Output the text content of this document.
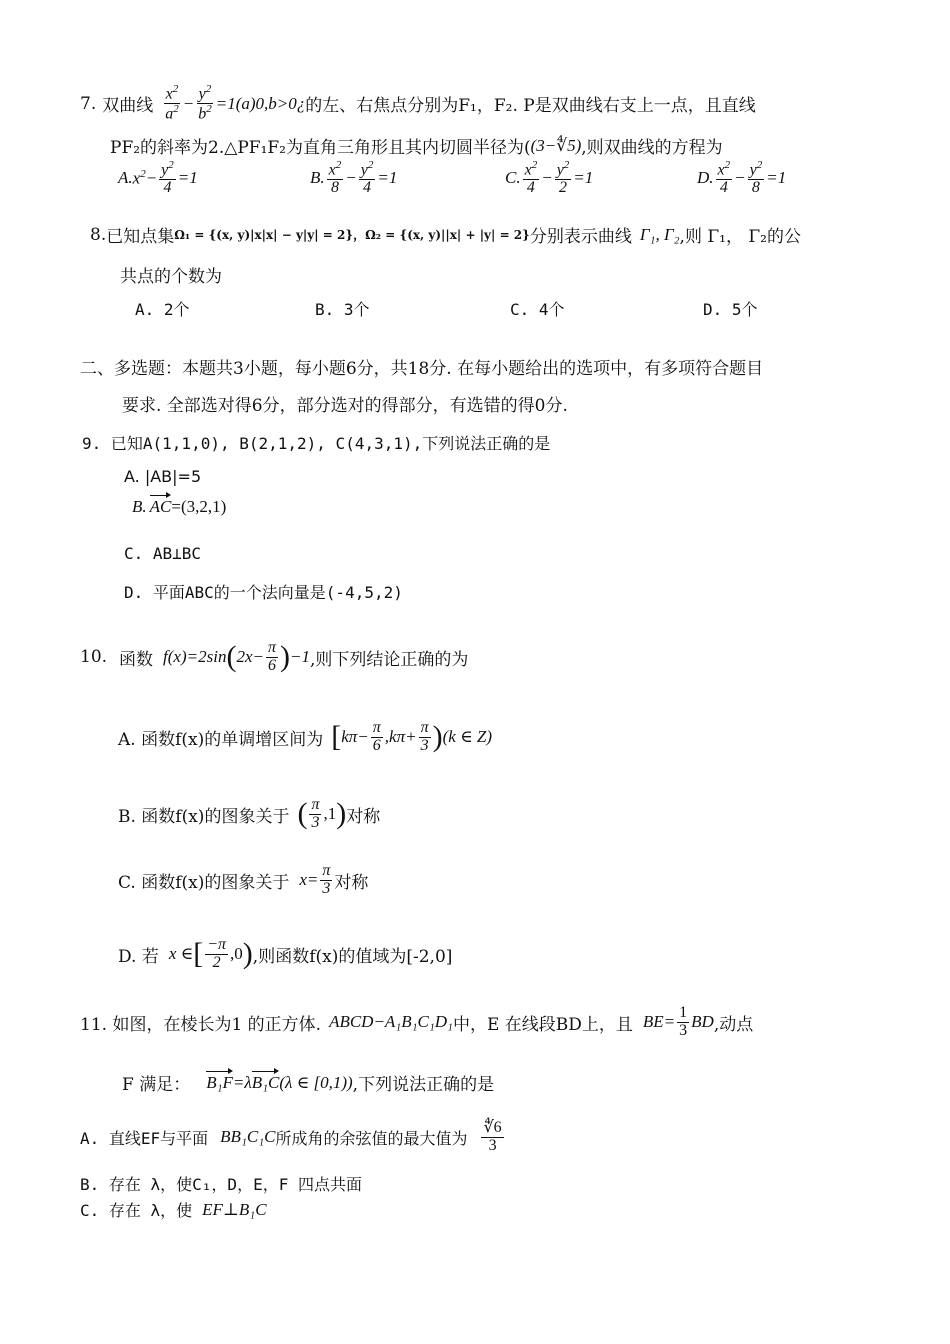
7. 双曲线 $\frac{x^2}{a^2} - \frac{y^2}{b^2}$ =1(a)0,b>0¿ 的左、右焦点分别为F₁，F₂. P是双曲线右支上一点，且直线
PF₂的斜率为2.△PF₁F₂为直角三角形且其内切圆半径为( (3−∜5) ,则双曲线的方程为
A. $x^2- \frac{y^2}{4} =1$	B. $\frac{x^2}{8} - \frac{y^2}{4} =1$	C. $\frac{x^2}{4} - \frac{y^2}{2} =1$	D. $\frac{x^2}{4} - \frac{y^2}{8} =1$
8. 已知点集 Ω₁ = {(x, y)|x|x| − y|y| = 2} ， Ω₂ = {(x, y)||x| + |y| = 2} 分别表示曲线 Γ₁, Γ₂ ,则 Γ₁， Γ₂的公
共点的个数为
A. 2个	B. 3个	C. 4个	D. 5个
二、多选题：本题共3小题，每小题6分，共18分. 在每小题给出的选项中，有多项符合题目
要求. 全部选对得6分，部分选对的得部分，有选错的得0分.
9. 已知A(1,1,0), B(2,1,2), C(4,3,1),下列说法正确的是
A. |AB|=5
B. AC =(3,2,1)
C. AB⊥BC
D. 平面ABC的一个法向量是(-4,5,2)
10. 函数 f(x)=2sin ( $2x- \frac{\pi}{6}$ ) −1 ,则下列结论正确的为
A. 函数f(x)的单调增区间为 [ $k\pi- \frac{\pi}{6} ,k\pi+ \frac{\pi}{3}$ ) (k ∈ Z)
B. 函数f(x)的图象关于 ( $\frac{\pi}{3} ,1$ ) 对称
C. 函数f(x)的图象关于 $x= \frac{\pi}{3}$ 对称
D. 若 x ∈ [ $\frac{-\pi}{2} ,0$ ) ,则函数f(x)的值域为[-2,0]
11. 如图，在棱长为1 的正方体. ABCD−A₁B₁C₁D₁ 中，E 在线段BD上，且 $BE= \frac{1}{3}$ BD ,动点
F 满足： B₁F =λ B₁C (λ ∈ [0,1)) ,下列说法正确的是
A. 直线EF与平面 BB₁C₁C 所成角的余弦值的最大值为 $\frac{∜6}{3}$
B. 存在 λ，使C₁，D，E，F 四点共面
C. 存在 λ，使 EF⊥B₁C
